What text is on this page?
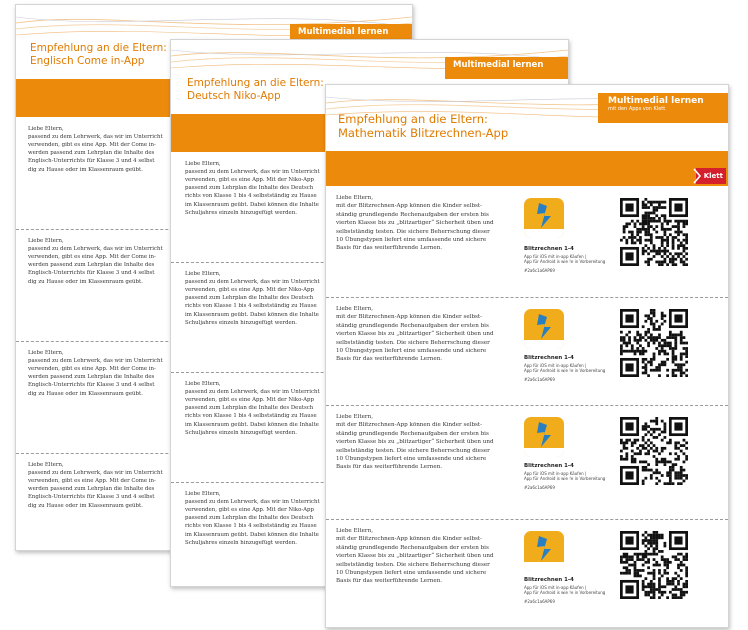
Multimedial lernen
Empfehlung an die Eltern:
Englisch Come in-App
Liebe Eltern,
passend zu dem Lehrwerk, das wir im Unterricht
verwenden, gibt es eine App. Mit der Come in-
werden passend zum Lehrplan die Inhalte des
Englisch-Unterrichts für Klasse 3 und 4 selbst
dig zu Hause oder im Klassenraum geübt.
Liebe Eltern,
passend zu dem Lehrwerk, das wir im Unterricht
verwenden, gibt es eine App. Mit der Come in-
werden passend zum Lehrplan die Inhalte des
Englisch-Unterrichts für Klasse 3 und 4 selbst
dig zu Hause oder im Klassenraum geübt.
Liebe Eltern,
passend zu dem Lehrwerk, das wir im Unterricht
verwenden, gibt es eine App. Mit der Come in-
werden passend zum Lehrplan die Inhalte des
Englisch-Unterrichts für Klasse 3 und 4 selbst
dig zu Hause oder im Klassenraum geübt.
Liebe Eltern,
passend zu dem Lehrwerk, das wir im Unterricht
verwenden, gibt es eine App. Mit der Come in-
werden passend zum Lehrplan die Inhalte des
Englisch-Unterrichts für Klasse 3 und 4 selbst
dig zu Hause oder im Klassenraum geübt.
Multimedial lernen
Empfehlung an die Eltern:
Deutsch Niko-App
Liebe Eltern,
passend zu dem Lehrwerk, das wir im Unterricht
verwenden, gibt es eine App. Mit der Niko-App
passend zum Lehrplan die Inhalte des Deutsch
richts von Klasse 1 bis 4 selbstständig zu Hause
im Klassenraum geübt. Dabei können die Inhalte
Schuljahres einzeln hinzugefügt werden.
Liebe Eltern,
passend zu dem Lehrwerk, das wir im Unterricht
verwenden, gibt es eine App. Mit der Niko-App
passend zum Lehrplan die Inhalte des Deutsch
richts von Klasse 1 bis 4 selbstständig zu Hause
im Klassenraum geübt. Dabei können die Inhalte
Schuljahres einzeln hinzugefügt werden.
Liebe Eltern,
passend zu dem Lehrwerk, das wir im Unterricht
verwenden, gibt es eine App. Mit der Niko-App
passend zum Lehrplan die Inhalte des Deutsch
richts von Klasse 1 bis 4 selbstständig zu Hause
im Klassenraum geübt. Dabei können die Inhalte
Schuljahres einzeln hinzugefügt werden.
Liebe Eltern,
passend zu dem Lehrwerk, das wir im Unterricht
verwenden, gibt es eine App. Mit der Niko-App
passend zum Lehrplan die Inhalte des Deutsch
richts von Klasse 1 bis 4 selbstständig zu Hause
im Klassenraum geübt. Dabei können die Inhalte
Schuljahres einzeln hinzugefügt werden.
Multimedial lernen
mit den Apps von Klett
Empfehlung an die Eltern:
Mathematik Blitzrechnen-App
Klett
Liebe Eltern,
mit der Blitzrechnen-App können die Kinder selbst-
ständig grundlegende Rechenaufgaben der ersten bis
vierten Klasse bis zu „blitzartiger“ Sicherheit üben und
selbstständig testen. Die sichere Beherrschung dieser
10 Übungstypen liefert eine umfassende und sichere
Basis für das weiterführende Lernen.	Blitzrechnen 1-4
App für iOS mit in-app Käufen |
App für Android is wie !e in Vorbereitung
#2a6c1a6AP69
Liebe Eltern,
mit der Blitzrechnen-App können die Kinder selbst-
ständig grundlegende Rechenaufgaben der ersten bis
vierten Klasse bis zu „blitzartiger“ Sicherheit üben und
selbstständig testen. Die sichere Beherrschung dieser
10 Übungstypen liefert eine umfassende und sichere
Basis für das weiterführende Lernen.	Blitzrechnen 1-4
App für iOS mit in-app Käufen |
App für Android is wie !e in Vorbereitung
#2a6c1a6AP69
Liebe Eltern,
mit der Blitzrechnen-App können die Kinder selbst-
ständig grundlegende Rechenaufgaben der ersten bis
vierten Klasse bis zu „blitzartiger“ Sicherheit üben und
selbstständig testen. Die sichere Beherrschung dieser
10 Übungstypen liefert eine umfassende und sichere
Basis für das weiterführende Lernen.	Blitzrechnen 1-4
App für iOS mit in-app Käufen |
App für Android is wie !e in Vorbereitung
#2a6c1a6AP69
Liebe Eltern,
mit der Blitzrechnen-App können die Kinder selbst-
ständig grundlegende Rechenaufgaben der ersten bis
vierten Klasse bis zu „blitzartiger“ Sicherheit üben und
selbstständig testen. Die sichere Beherrschung dieser
10 Übungstypen liefert eine umfassende und sichere
Basis für das weiterführende Lernen.	Blitzrechnen 1-4
App für iOS mit in-app Käufen |
App für Android is wie !e in Vorbereitung
#2a6c1a6AP69
